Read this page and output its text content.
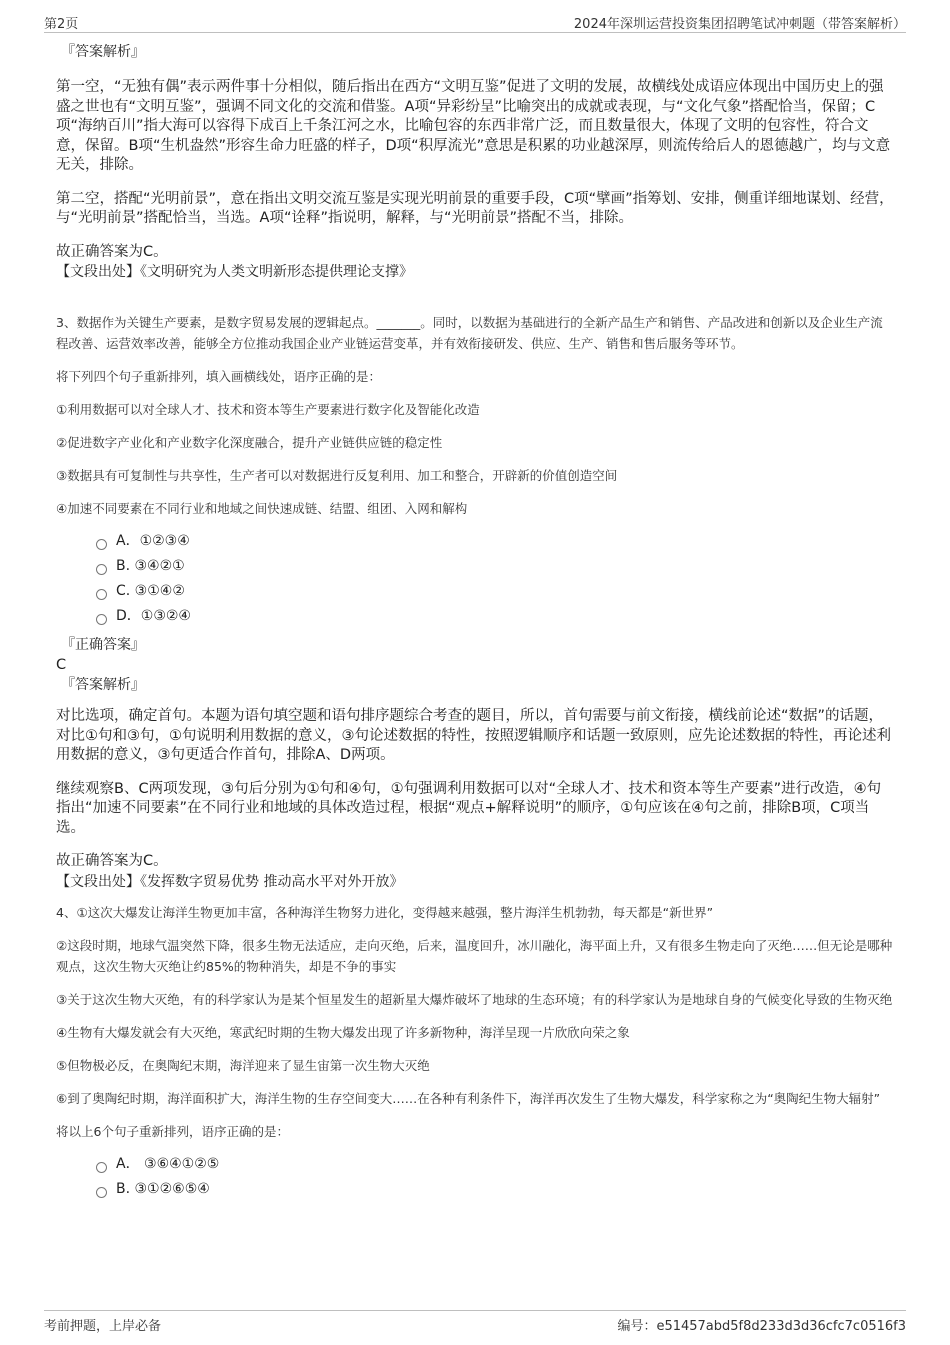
第2页	2024年深圳运营投资集团招聘笔试冲刺题（带答案解析）

『答案解析』

第一空，“无独有偶”表示两件事十分相似，随后指出在西方“文明互鉴”促进了文明的发展，故横线处成语应体现出中国历史上的强盛之世也有“文明互鉴”，强调不同文化的交流和借鉴。A项“异彩纷呈”比喻突出的成就或表现，与“文化气象”搭配恰当，保留；C项“海纳百川”指大海可以容得下成百上千条江河之水，比喻包容的东西非常广泛，而且数量很大，体现了文明的包容性，符合文意，保留。B项“生机盎然”形容生命力旺盛的样子，D项“积厚流光”意思是积累的功业越深厚，则流传给后人的恩德越广，均与文意无关，排除。

第二空，搭配“光明前景”，意在指出文明交流互鉴是实现光明前景的重要手段，C项“擘画”指筹划、安排，侧重详细地谋划、经营，与“光明前景”搭配恰当，当选。A项“诠释”指说明，解释，与“光明前景”搭配不当，排除。

故正确答案为C。

【文段出处】《文明研究为人类文明新形态提供理论支撑》

3、数据作为关键生产要素，是数字贸易发展的逻辑起点。_______。同时，以数据为基础进行的全新产品生产和销售、产品改进和创新以及企业生产流程改善、运营效率改善，能够全方位推动我国企业产业链运营变革，并有效衔接研发、供应、生产、销售和售后服务等环节。

将下列四个句子重新排列，填入画横线处，语序正确的是：

①利用数据可以对全球人才、技术和资本等生产要素进行数字化及智能化改造

②促进数字产业化和产业数字化深度融合，提升产业链供应链的稳定性

③数据具有可复制性与共享性，生产者可以对数据进行反复利用、加工和整合，开辟新的价值创造空间

④加速不同要素在不同行业和地域之间快速成链、结盟、组团、入网和解构

A．①②③④
B. ③④②①
C. ③①④②
D．①③②④

『正确答案』

C

『答案解析』

对比选项，确定首句。本题为语句填空题和语句排序题综合考查的题目，所以，首句需要与前文衔接，横线前论述“数据”的话题，对比①句和③句，①句说明利用数据的意义，③句论述数据的特性，按照逻辑顺序和话题一致原则，应先论述数据的特性，再论述利用数据的意义，③句更适合作首句，排除A、D两项。

继续观察B、C两项发现，③句后分别为①句和④句，①句强调利用数据可以对“全球人才、技术和资本等生产要素”进行改造，④句指出“加速不同要素”在不同行业和地域的具体改造过程，根据“观点+解释说明”的顺序，①句应该在④句之前，排除B项，C项当选。

故正确答案为C。

【文段出处】《发挥数字贸易优势 推动高水平对外开放》

4、①这次大爆发让海洋生物更加丰富，各种海洋生物努力进化，变得越来越强，整片海洋生机勃勃，每天都是“新世界”

②这段时期，地球气温突然下降，很多生物无法适应，走向灭绝，后来，温度回升，冰川融化，海平面上升，又有很多生物走向了灭绝……但无论是哪种观点，这次生物大灭绝让约85%的物种消失，却是不争的事实

③关于这次生物大灭绝，有的科学家认为是某个恒星发生的超新星大爆炸破坏了地球的生态环境；有的科学家认为是地球自身的气候变化导致的生物灭绝

④生物有大爆发就会有大灭绝，寒武纪时期的生物大爆发出现了许多新物种，海洋呈现一片欣欣向荣之象

⑤但物极必反，在奥陶纪末期，海洋迎来了显生宙第一次生物大灭绝

⑥到了奥陶纪时期，海洋面积扩大，海洋生物的生存空间变大……在各种有利条件下，海洋再次发生了生物大爆发，科学家称之为“奥陶纪生物大辐射”

将以上6个句子重新排列，语序正确的是：

A． ③⑥④①②⑤
B. ③①②⑥⑤④
考前押题，上岸必备	编号：e51457abd5f8d233d3d36cfc7c0516f3
